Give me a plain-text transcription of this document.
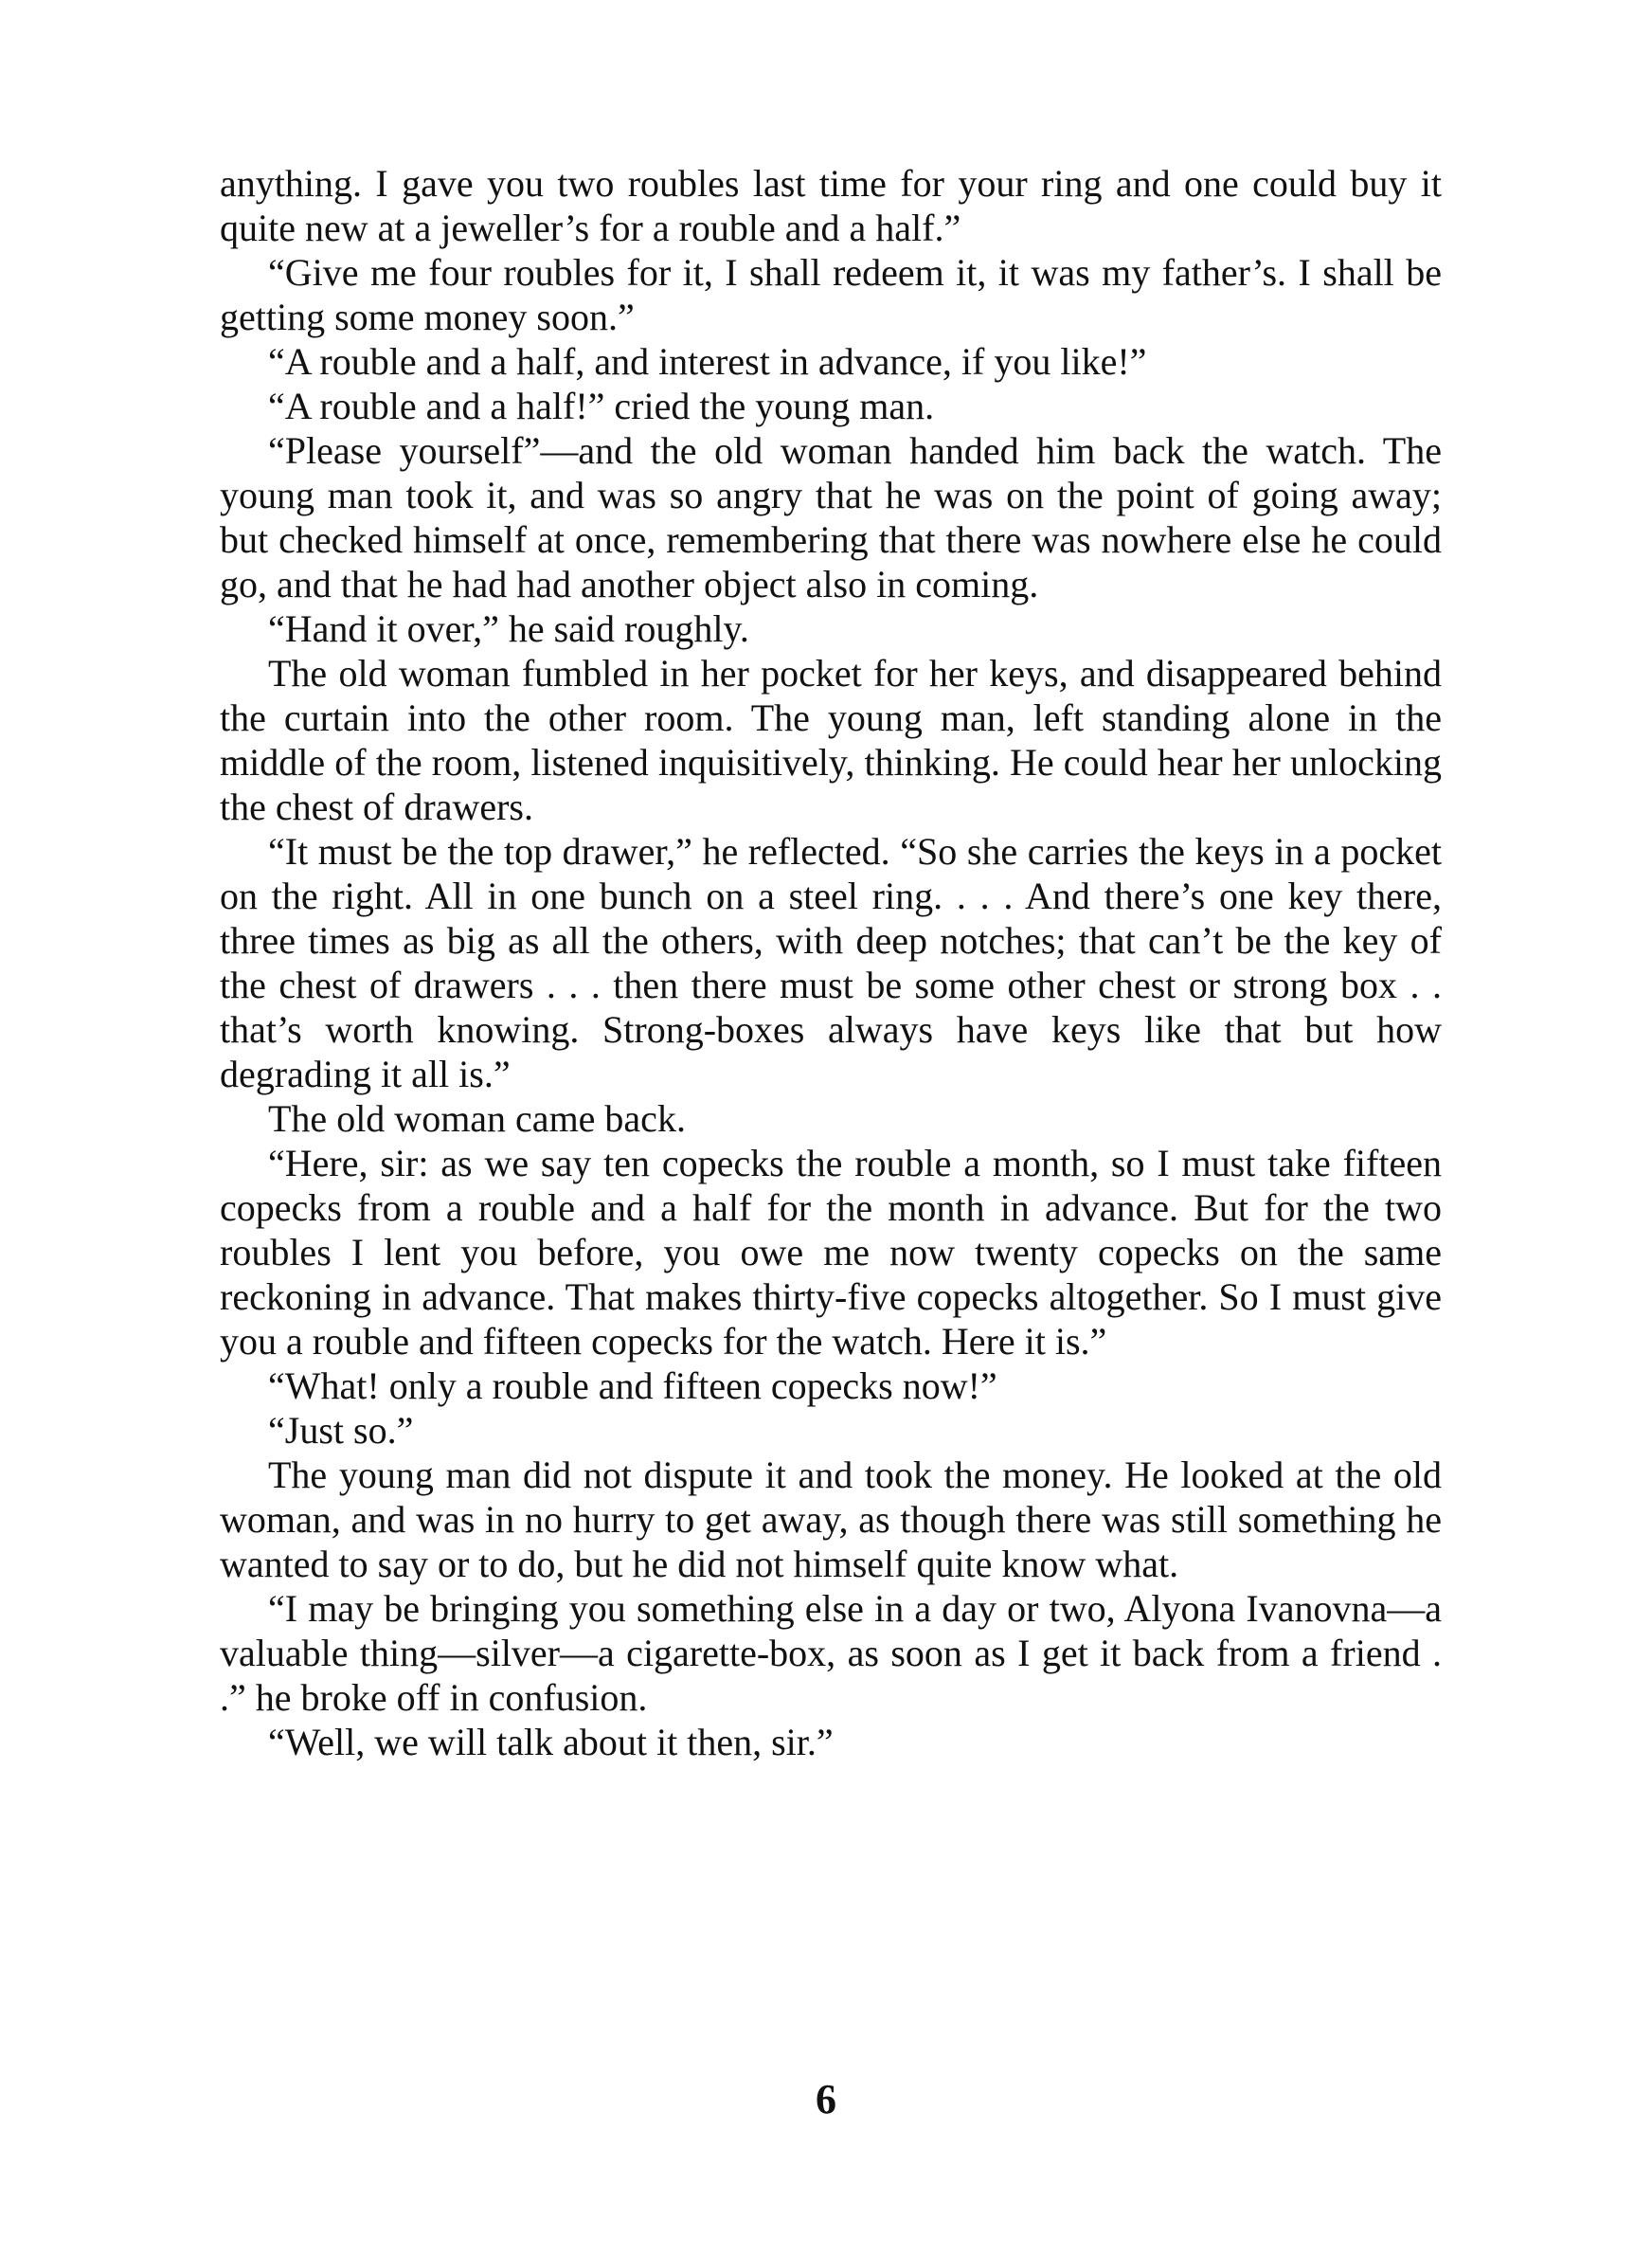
anything. I gave you two roubles last time for your ring and one could buy it quite new at a jeweller’s for a rouble and a half.”

“Give me four roubles for it, I shall redeem it, it was my father’s. I shall be getting some money soon.”

“A rouble and a half, and interest in advance, if you like!”

“A rouble and a half!” cried the young man.

“Please yourself”—and the old woman handed him back the watch. The young man took it, and was so angry that he was on the point of going away; but checked himself at once, remembering that there was nowhere else he could go, and that he had had another object also in coming.

“Hand it over,” he said roughly.

The old woman fumbled in her pocket for her keys, and disappeared behind the curtain into the other room. The young man, left standing alone in the middle of the room, listened inquisitively, thinking. He could hear her unlocking the chest of drawers.

“It must be the top drawer,” he reflected. “So she carries the keys in a pocket on the right. All in one bunch on a steel ring. . . . And there’s one key there, three times as big as all the others, with deep notches; that can’t be the key of the chest of drawers . . . then there must be some other chest or strong box . . that’s worth knowing. Strong-boxes always have keys like that but how degrading it all is.”

The old woman came back.

“Here, sir: as we say ten copecks the rouble a month, so I must take fifteen copecks from a rouble and a half for the month in advance. But for the two roubles I lent you before, you owe me now twenty copecks on the same reckoning in advance. That makes thirty-five copecks altogether. So I must give you a rouble and fifteen copecks for the watch. Here it is.”

“What! only a rouble and fifteen copecks now!”

“Just so.”

The young man did not dispute it and took the money. He looked at the old woman, and was in no hurry to get away, as though there was still something he wanted to say or to do, but he did not himself quite know what.

“I may be bringing you something else in a day or two, Alyona Ivanovna—a valuable thing—silver—a cigarette-box, as soon as I get it back from a friend . .” he broke off in confusion.

“Well, we will talk about it then, sir.”

6
